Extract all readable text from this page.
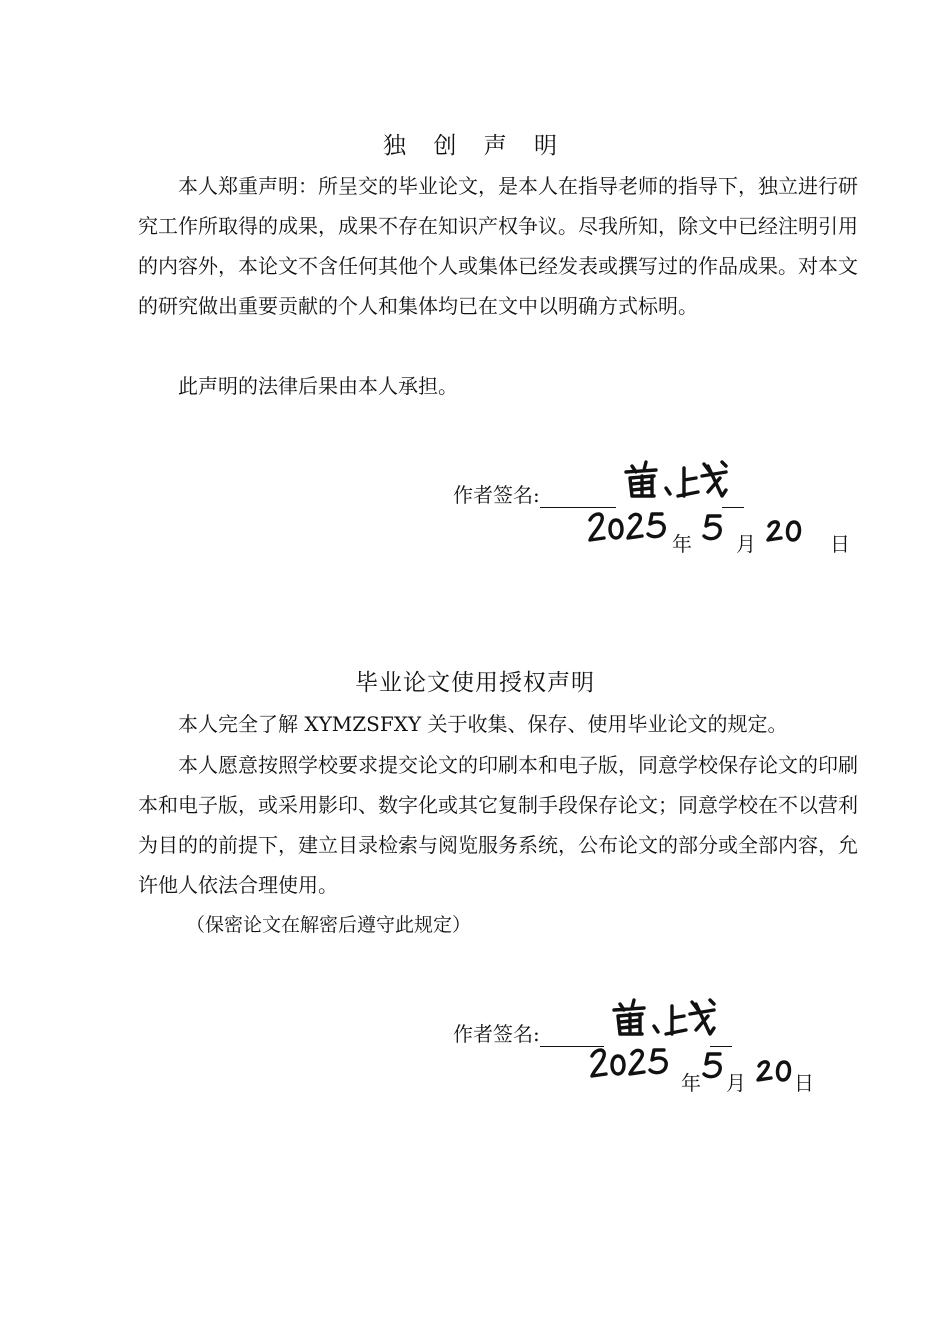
独 创 声 明

本人郑重声明：所呈交的毕业论文，是本人在指导老师的指导下，独立进行研究工作所取得的成果，成果不存在知识产权争议。尽我所知，除文中已经注明引用的内容外，本论文不含任何其他个人或集体已经发表或撰写过的作品成果。对本文的研究做出重要贡献的个人和集体均已在文中以明确方式标明。

此声明的法律后果由本人承担。

作者签名:
年 月	日
毕业论文使用授权声明

本人完全了解 XYMZSFXY 关于收集、保存、使用毕业论文的规定。

本人愿意按照学校要求提交论文的印刷本和电子版，同意学校保存论文的印刷本和电子版，或采用影印、数字化或其它复制手段保存论文；同意学校在不以营利为目的的前提下，建立目录检索与阅览服务系统，公布论文的部分或全部内容，允许他人依法合理使用。

（保密论文在解密后遵守此规定）

作者签名:
年 月 日
